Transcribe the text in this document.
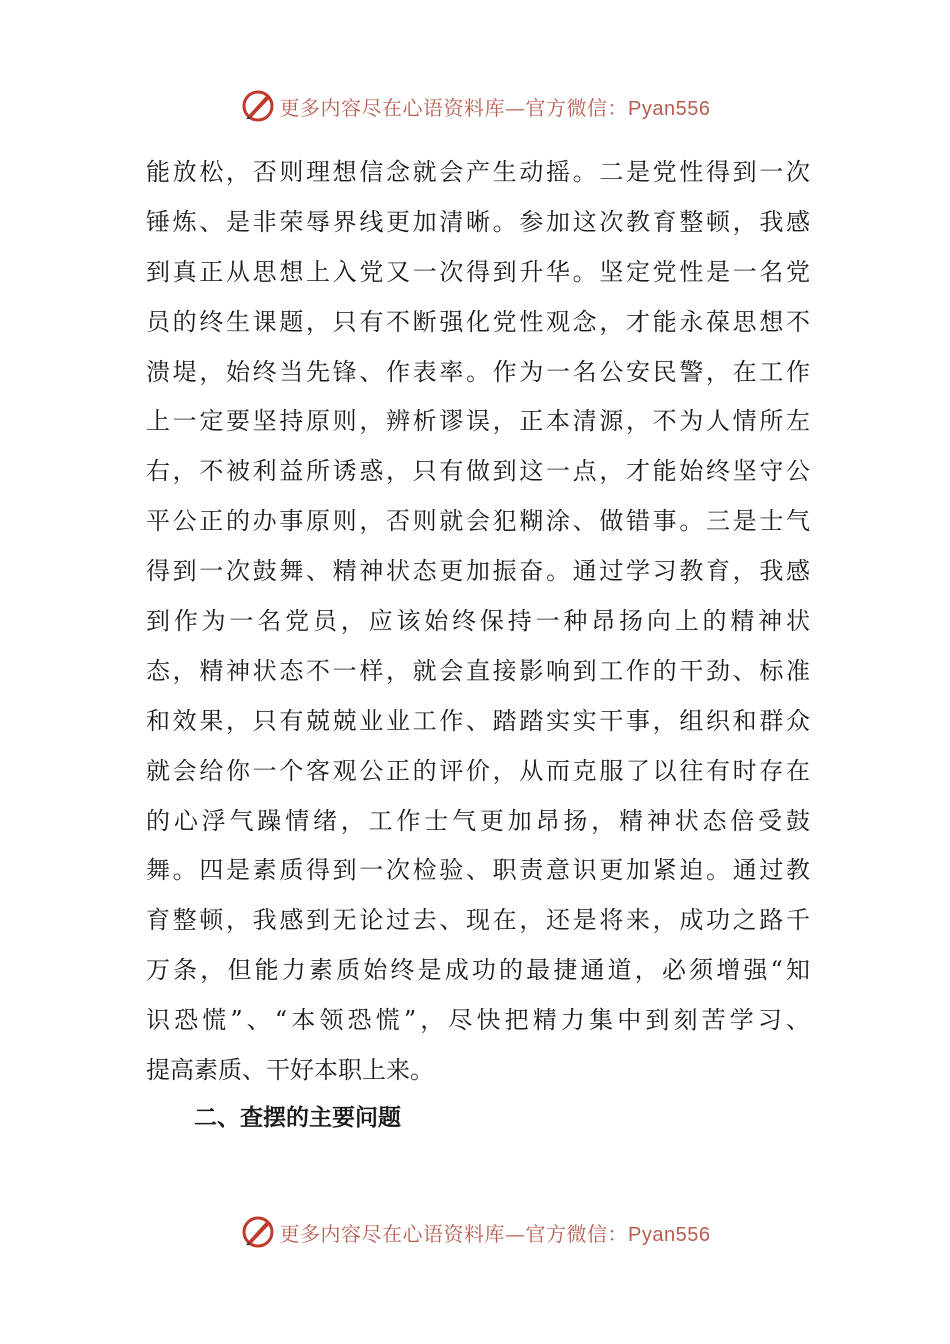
更多内容尽在心语资料库—官方微信：Pyan556
能放松，否则理想信念就会产生动摇。二是党性得到一次
锤炼、是非荣辱界线更加清晰。参加这次教育整顿，我感
到真正从思想上入党又一次得到升华。坚定党性是一名党
员的终生课题，只有不断强化党性观念，才能永葆思想不
溃堤，始终当先锋、作表率。作为一名公安民警，在工作
上一定要坚持原则，辨析谬误，正本清源，不为人情所左
右，不被利益所诱惑，只有做到这一点，才能始终坚守公
平公正的办事原则，否则就会犯糊涂、做错事。三是士气
得到一次鼓舞、精神状态更加振奋。通过学习教育，我感
到作为一名党员，应该始终保持一种昂扬向上的精神状
态，精神状态不一样，就会直接影响到工作的干劲、标准
和效果，只有兢兢业业工作、踏踏实实干事，组织和群众
就会给你一个客观公正的评价，从而克服了以往有时存在
的心浮气躁情绪，工作士气更加昂扬，精神状态倍受鼓
舞。四是素质得到一次检验、职责意识更加紧迫。通过教
育整顿，我感到无论过去、现在，还是将来，成功之路千
万条，但能力素质始终是成功的最捷通道，必须增强“知
识恐慌”、“本领恐慌”，尽快把精力集中到刻苦学习、
提高素质、干好本职上来。
二、查摆的主要问题
更多内容尽在心语资料库—官方微信：Pyan556
